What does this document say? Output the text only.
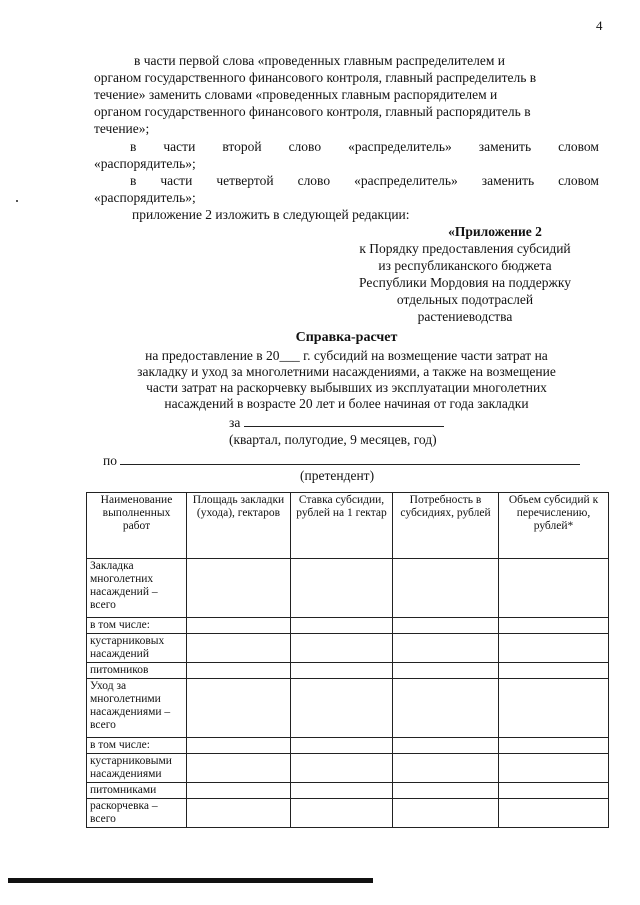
4
в части первой слова «проведенных главным распределителем и
органом государственного финансового контроля, главный распределитель в
течение» заменить словами «проведенных главным распорядителем и
органом государственного финансового контроля, главный распорядитель в
течение»;
в части второй слово «распределитель» заменить словом
«распорядитель»;
в части четвертой слово «распределитель» заменить словом
«распорядитель»;
приложение 2 изложить в следующей редакции:
«Приложение 2
к Порядку предоставления субсидий
из республиканского бюджета
Республики Мордовия на поддержку
отдельных подотраслей
растениеводства
Справка-расчет
на предоставление в 20___ г. субсидий на возмещение части затрат на
закладку и уход за многолетними насаждениями, а также на возмещение
части затрат на раскорчевку выбывших из эксплуатации многолетних
насаждений в возрасте 20 лет и более начиная от года закладки
за
(квартал, полугодие, 9 месяцев, год)
по
(претендент)
Наименование выполненных работ	Площадь закладки (ухода), гектаров	Ставка субсидии, рублей на 1 гектар	Потребность в субсидиях, рублей	Объем субсидий к перечислению, рублей*
Закладка многолетних насаждений – всего				
в том числе:				
кустарниковых насаждений				
питомников				
Уход за многолетними насаждениями – всего				
в том числе:				
кустарниковыми насаждениями				
питомниками				
раскорчевка – всего				
